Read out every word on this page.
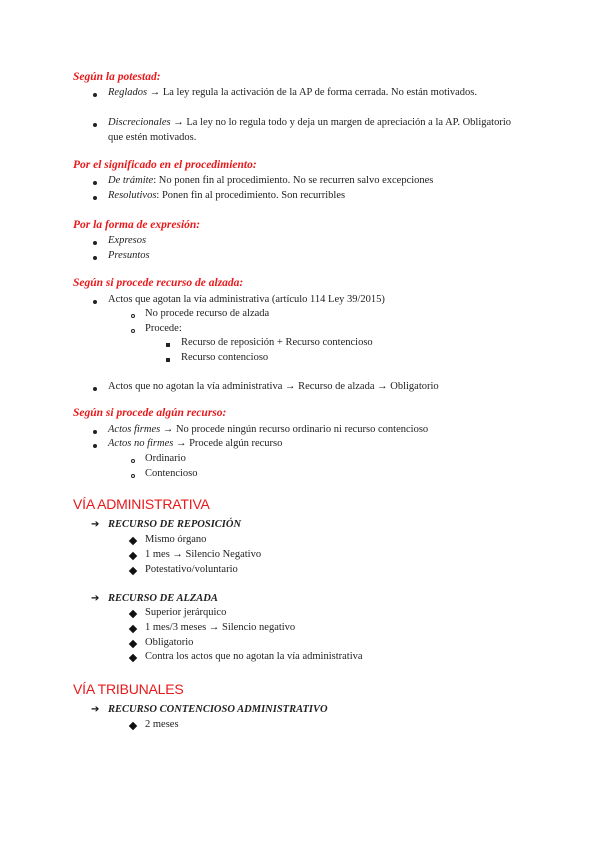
Según la potestad:
Reglados → La ley regula la activación de la AP de forma cerrada. No están motivados.
Discrecionales → La ley no lo regula todo y deja un margen de apreciación a la AP. Obligatorio que estén motivados.
Por el significado en el procedimiento:
De trámite: No ponen fin al procedimiento. No se recurren salvo excepciones
Resolutivos: Ponen fin al procedimiento. Son recurribles
Por la forma de expresión:
Expresos
Presuntos
Según si procede recurso de alzada:
Actos que agotan la vía administrativa (artículo 114 Ley 39/2015)
No procede recurso de alzada
Procede:
Recurso de reposición + Recurso contencioso
Recurso contencioso
Actos que no agotan la vía administrativa → Recurso de alzada → Obligatorio
Según si procede algún recurso:
Actos firmes → No procede ningún recurso ordinario ni recurso contencioso
Actos no firmes → Procede algún recurso
Ordinario
Contencioso
VÍA ADMINISTRATIVA
➔ RECURSO DE REPOSICIÓN
Mismo órgano
1 mes → Silencio Negativo
Potestativo/voluntario
➔ RECURSO DE ALZADA
Superior jerárquico
1 mes/3 meses → Silencio negativo
Obligatorio
Contra los actos que no agotan la vía administrativa
VÍA TRIBUNALES
➔ RECURSO CONTENCIOSO ADMINISTRATIVO
2 meses
